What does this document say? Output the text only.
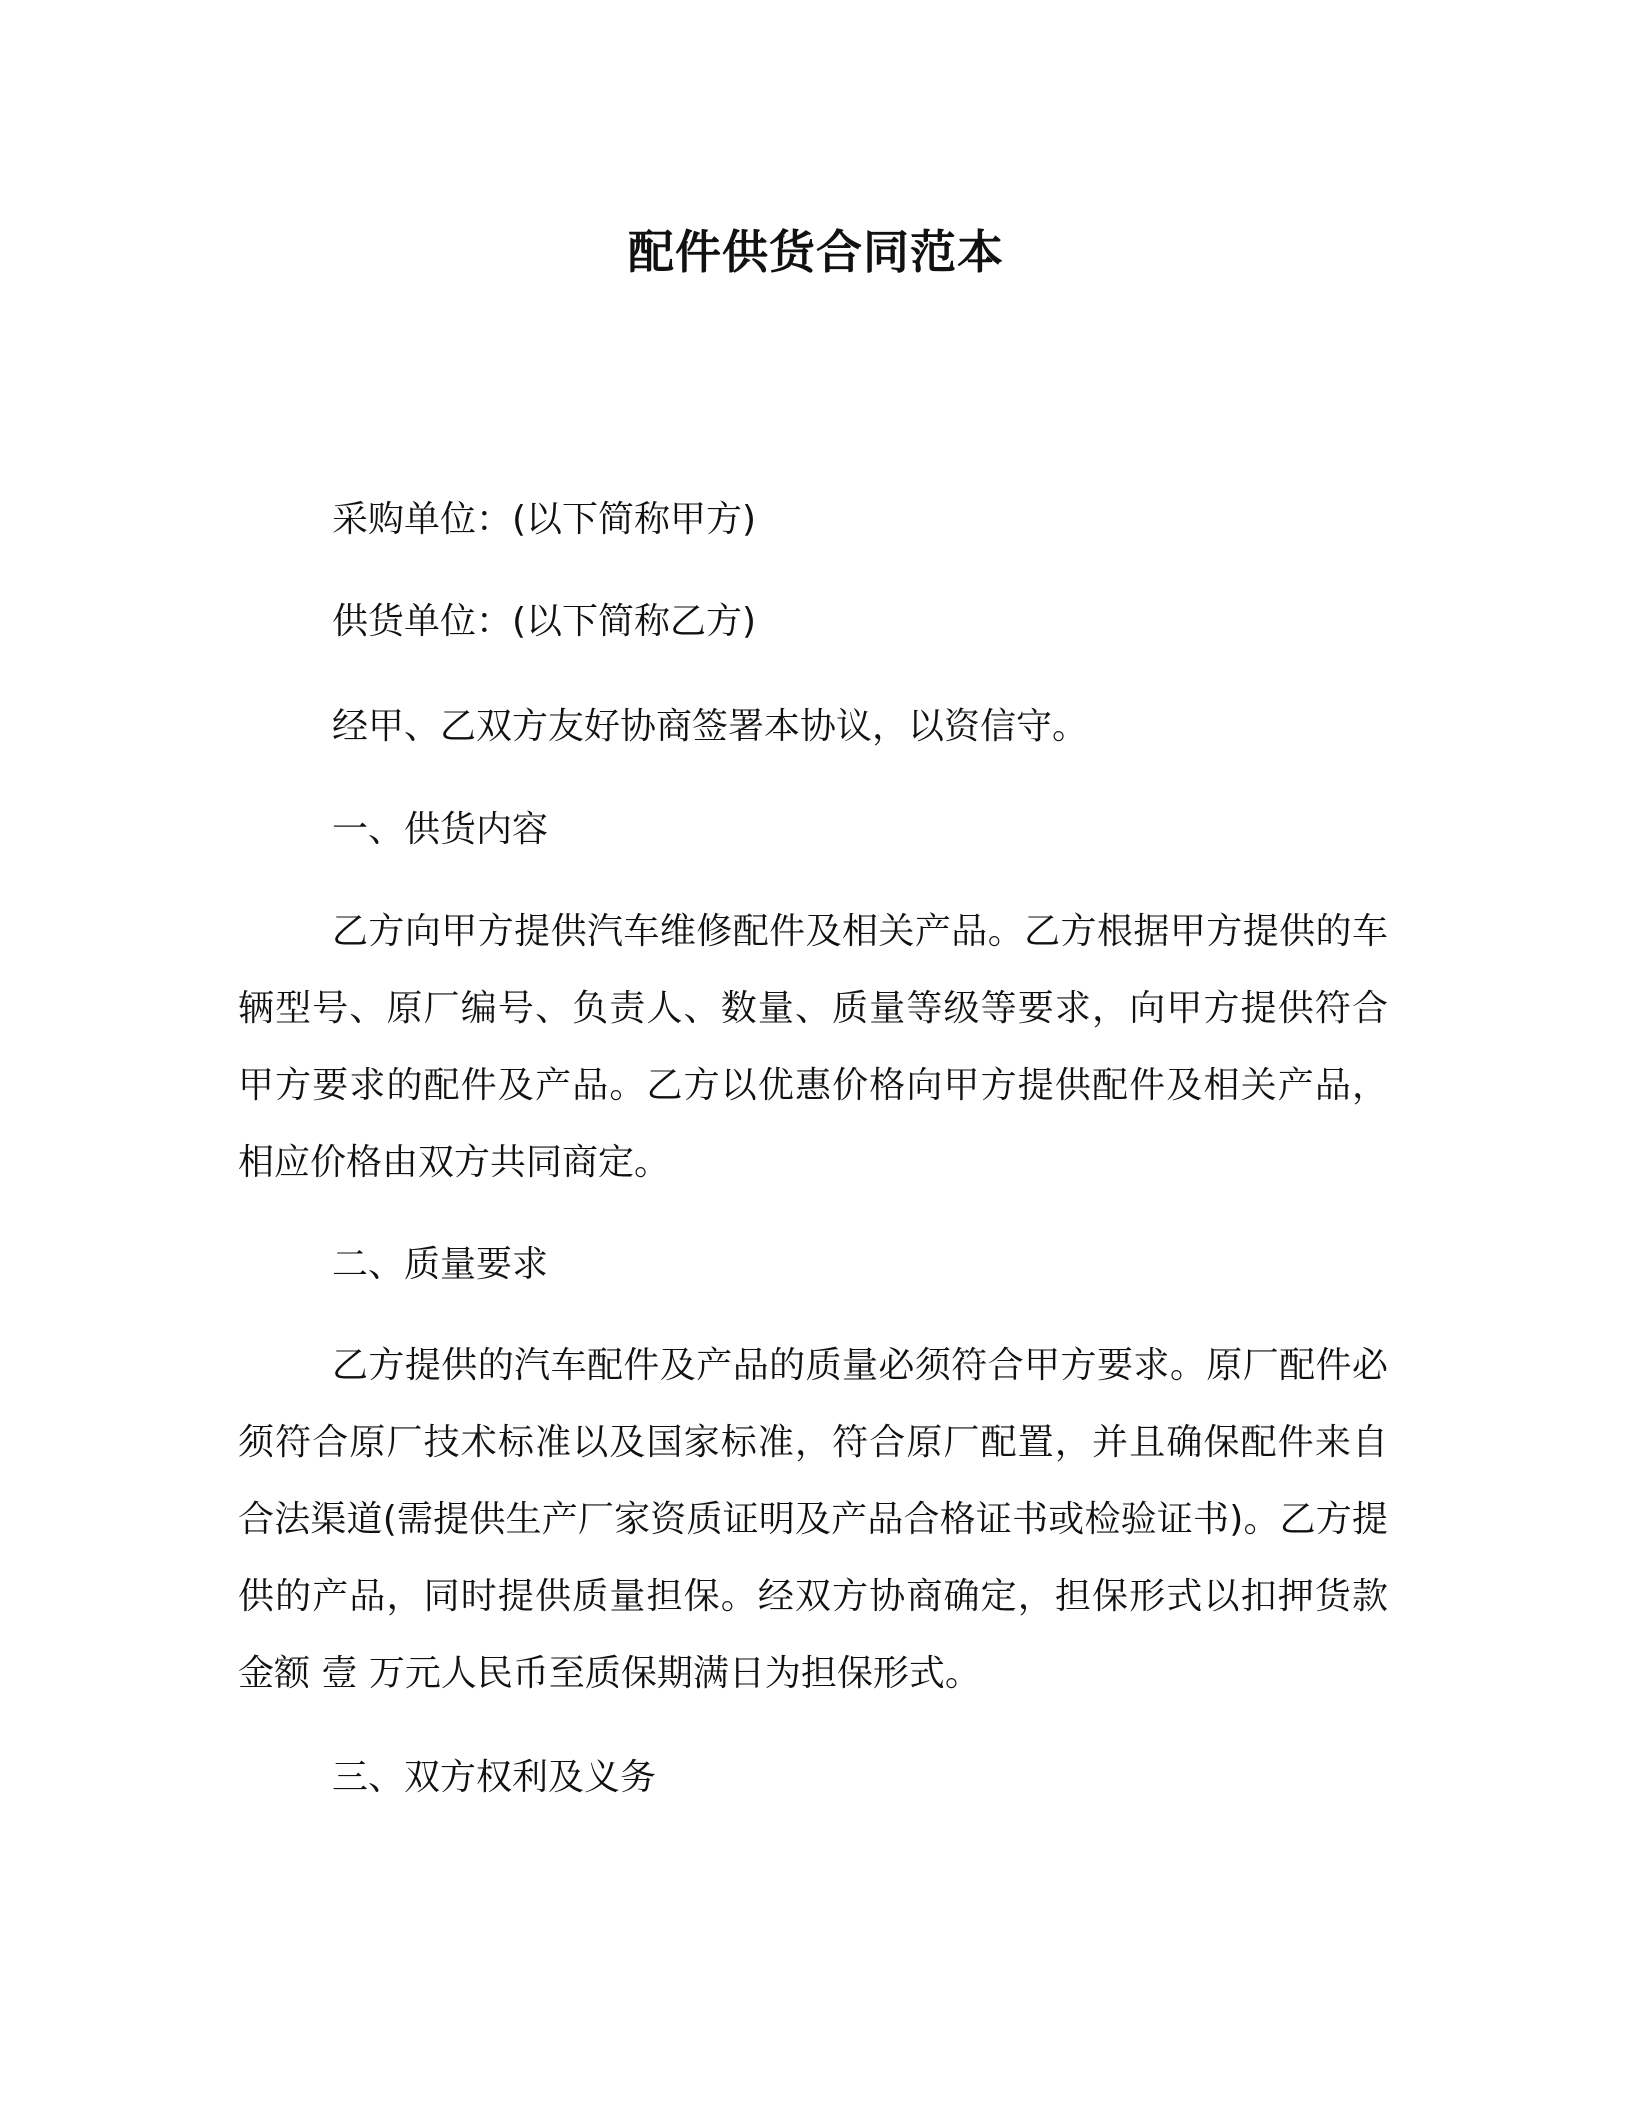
配件供货合同范本

采购单位：(以下简称甲方)

供货单位：(以下简称乙方)

经甲、乙双方友好协商签署本协议，以资信守。

一、供货内容

乙方向甲方提供汽车维修配件及相关产品。乙方根据甲方提供的车辆型号、原厂编号、负责人、数量、质量等级等要求，向甲方提供符合甲方要求的配件及产品。乙方以优惠价格向甲方提供配件及相关产品，相应价格由双方共同商定。

二、质量要求

乙方提供的汽车配件及产品的质量必须符合甲方要求。原厂配件必须符合原厂技术标准以及国家标准，符合原厂配置，并且确保配件来自合法渠道(需提供生产厂家资质证明及产品合格证书或检验证书)。乙方提供的产品，同时提供质量担保。经双方协商确定，担保形式以扣押货款金额 壹 万元人民币至质保期满日为担保形式。

三、双方权利及义务
